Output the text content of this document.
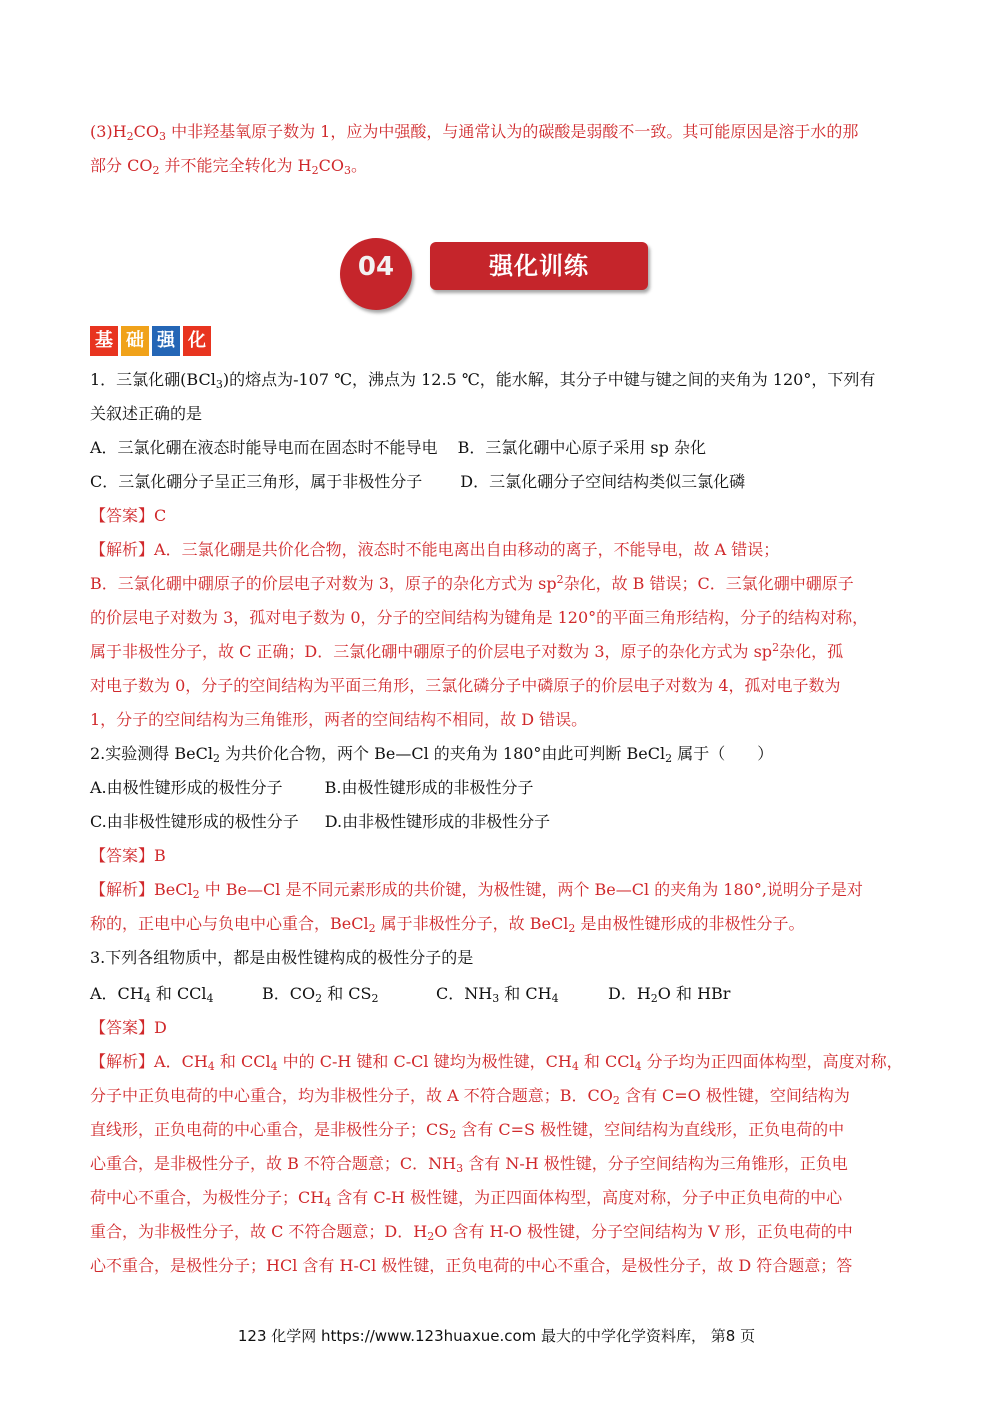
$(3)H_2CO_3$ 中非羟基氧原子数为 1，应为中强酸，与通常认为的碳酸是弱酸不一致。其可能原因是溶于水的那
部分 $CO_2$ 并不能完全转化为 $H_2CO_3$。
04	强化训练
基 础 强 化
1．三氯化硼(BCl$_3$)的熔点为-107 ℃，沸点为 12.5 ℃，能水解，其分子中键与键之间的夹角为 120°，下列有
关叙述正确的是
A．三氯化硼在液态时能导电而在固态时不能导电 B．三氯化硼中心原子采用 sp 杂化
C．三氯化硼分子呈正三角形，属于非极性分子 D．三氯化硼分子空间结构类似三氯化磷
【答案】C
【解析】A．三氯化硼是共价化合物，液态时不能电离出自由移动的离子，不能导电，故 A 错误；
B．三氯化硼中硼原子的价层电子对数为 3，原子的杂化方式为 $sp^2$杂化，故 B 错误；C．三氯化硼中硼原子
的价层电子对数为 3，孤对电子数为 0，分子的空间结构为键角是 120°的平面三角形结构，分子的结构对称，
属于非极性分子，故 C 正确；D．三氯化硼中硼原子的价层电子对数为 3，原子的杂化方式为 $sp^2$杂化，孤
对电子数为 0，分子的空间结构为平面三角形，三氯化磷分子中磷原子的价层电子对数为 4，孤对电子数为
1，分子的空间结构为三角锥形，两者的空间结构不相同，故 D 错误。
2.实验测得 BeCl$_2$ 为共价化合物，两个 Be—Cl 的夹角为 180°由此可判断 BeCl$_2$ 属于（　　）
A.由极性键形成的极性分子	B.由极性键形成的非极性分子
C.由非极性键形成的极性分子 D.由非极性键形成的非极性分子
【答案】B
【解析】BeCl$_2$ 中 Be—Cl 是不同元素形成的共价键，为极性键，两个 Be—Cl 的夹角为 180°,说明分子是对
称的，正电中心与负电中心重合，BeCl$_2$ 属于非极性分子，故 BeCl$_2$ 是由极性键形成的非极性分子。
3.下列各组物质中，都是由极性键构成的极性分子的是
A．$CH_4$ 和 CCl$_4$	B．$CO_2$ 和 $CS_2$	C．$NH_3$ 和 $CH_4$	D．$H_2O$ 和 HBr
【答案】D
【解析】A．$CH_4$ 和 CCl$_4$ 中的 C-H 键和 C-Cl 键均为极性键，$CH_4$ 和 CCl$_4$ 分子均为正四面体构型，高度对称，
分子中正负电荷的中心重合，均为非极性分子，故 A 不符合题意；B．$CO_2$ 含有 C=O 极性键，空间结构为
直线形，正负电荷的中心重合，是非极性分子；$CS_2$ 含有 C=S 极性键，空间结构为直线形，正负电荷的中
心重合，是非极性分子，故 B 不符合题意；C．$NH_3$ 含有 N-H 极性键，分子空间结构为三角锥形，正负电
荷中心不重合，为极性分子；$CH_4$ 含有 C-H 极性键，为正四面体构型，高度对称，分子中正负电荷的中心
重合，为非极性分子，故 C 不符合题意；D．$H_2O$ 含有 H-O 极性键，分子空间结构为 V 形，正负电荷的中
心不重合，是极性分子；HCl 含有 H-Cl 极性键，正负电荷的中心不重合，是极性分子，故 D 符合题意；答
123 化学网 https://www.123huaxue.com 最大的中学化学资料库， 第8 页
